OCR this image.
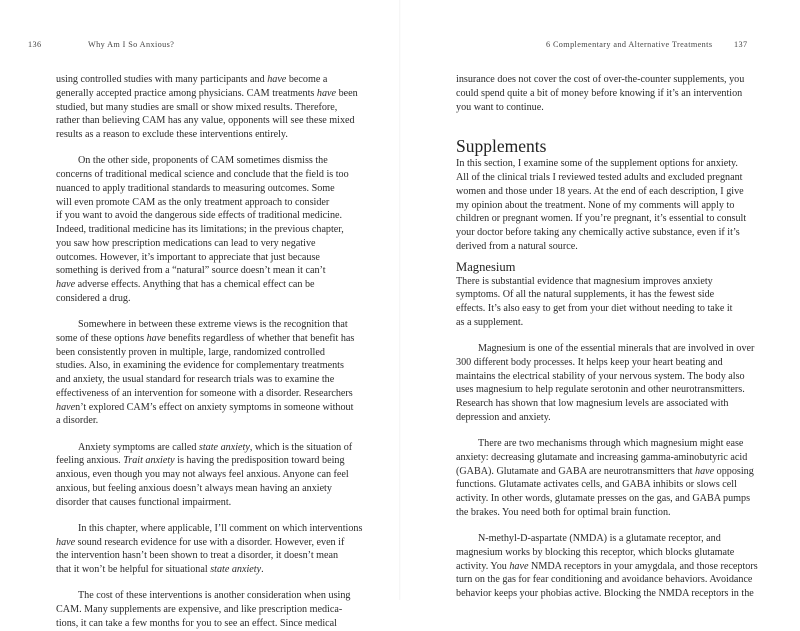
136	Why Am I So Anxious?

using controlled studies with many participants and have become a
generally accepted practice among physicians. CAM treatments have been
studied, but many studies are small or show mixed results. Therefore,
rather than believing CAM has any value, opponents will see these mixed
results as a reason to exclude these interventions entirely.

On the other side, proponents of CAM sometimes dismiss the
concerns of traditional medical science and conclude that the field is too
nuanced to apply traditional standards to measuring outcomes. Some
will even promote CAM as the only treatment approach to consider
if you want to avoid the dangerous side effects of traditional medicine.
Indeed, traditional medicine has its limitations; in the previous chapter,
you saw how prescription medications can lead to very negative
outcomes. However, it’s important to appreciate that just because
something is derived from a “natural” source doesn’t mean it can’t
have adverse effects. Anything that has a chemical effect can be
considered a drug.

Somewhere in between these extreme views is the recognition that
some of these options have benefits regardless of whether that benefit has
been consistently proven in multiple, large, randomized controlled
studies. Also, in examining the evidence for complementary treatments
and anxiety, the usual standard for research trials was to examine the
effectiveness of an intervention for someone with a disorder. Researchers
haven’t explored CAM’s effect on anxiety symptoms in someone without
a disorder.

Anxiety symptoms are called state anxiety, which is the situation of
feeling anxious. Trait anxiety is having the predisposition toward being
anxious, even though you may not always feel anxious. Anyone can feel
anxious, but feeling anxious doesn’t always mean having an anxiety
disorder that causes functional impairment.

In this chapter, where applicable, I’ll comment on which interventions
have sound research evidence for use with a disorder. However, even if
the intervention hasn’t been shown to treat a disorder, it doesn’t mean
that it won’t be helpful for situational state anxiety.

The cost of these interventions is another consideration when using
CAM. Many supplements are expensive, and like prescription medica-
tions, it can take a few months for you to see an effect. Since medical

6 Complementary and Alternative Treatments	137

insurance does not cover the cost of over-the-counter supplements, you
could spend quite a bit of money before knowing if it’s an intervention
you want to continue.

Supplements

In this section, I examine some of the supplement options for anxiety.
All of the clinical trials I reviewed tested adults and excluded pregnant
women and those under 18 years. At the end of each description, I give
my opinion about the treatment. None of my comments will apply to
children or pregnant women. If you’re pregnant, it’s essential to consult
your doctor before taking any chemically active substance, even if it’s
derived from a natural source.

Magnesium

There is substantial evidence that magnesium improves anxiety
symptoms. Of all the natural supplements, it has the fewest side
effects. It’s also easy to get from your diet without needing to take it
as a supplement.

Magnesium is one of the essential minerals that are involved in over
300 different body processes. It helps keep your heart beating and
maintains the electrical stability of your nervous system. The body also
uses magnesium to help regulate serotonin and other neurotransmitters.
Research has shown that low magnesium levels are associated with
depression and anxiety.

There are two mechanisms through which magnesium might ease
anxiety: decreasing glutamate and increasing gamma-aminobutyric acid
(GABA). Glutamate and GABA are neurotransmitters that have opposing
functions. Glutamate activates cells, and GABA inhibits or slows cell
activity. In other words, glutamate presses on the gas, and GABA pumps
the brakes. You need both for optimal brain function.

N-methyl-D-aspartate (NMDA) is a glutamate receptor, and
magnesium works by blocking this receptor, which blocks glutamate
activity. You have NMDA receptors in your amygdala, and those receptors
turn on the gas for fear conditioning and avoidance behaviors. Avoidance
behavior keeps your phobias active. Blocking the NMDA receptors in the
